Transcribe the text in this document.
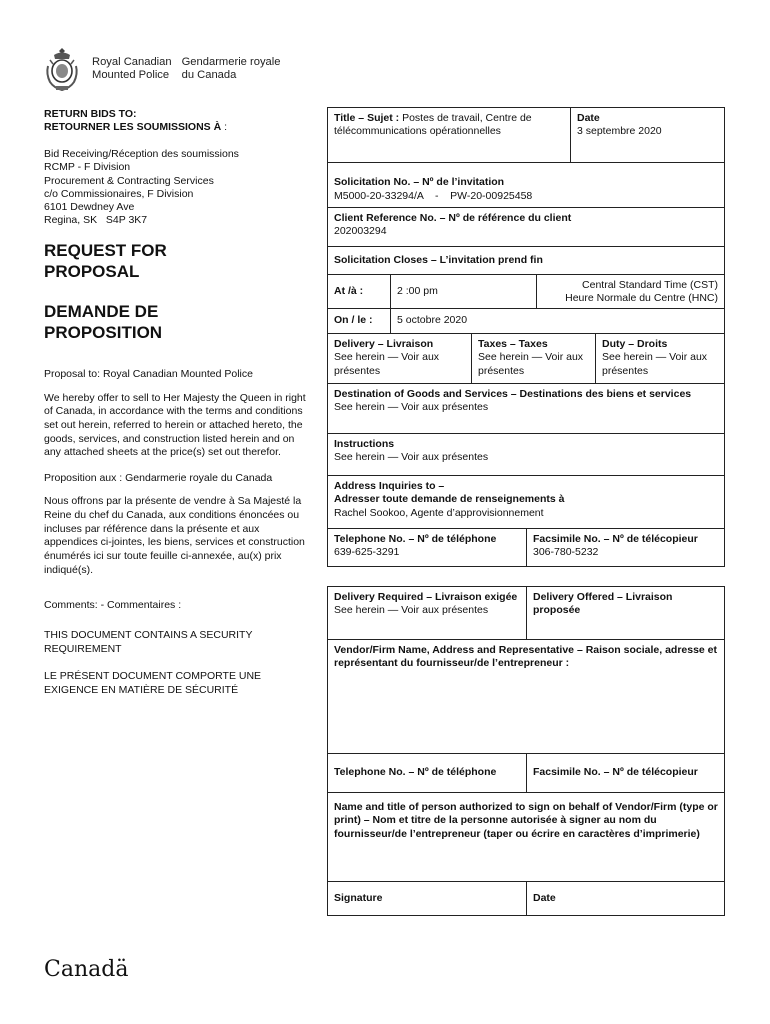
Royal Canadian
Mounted Police
Gendarmerie royale
du Canada
RETURN BIDS TO:
RETOURNER LES SOUMISSIONS À :
Bid Receiving/Réception des soumissions
RCMP - F Division
Procurement & Contracting Services
c/o Commissionaires, F Division
6101 Dewdney Ave
Regina, SK   S4P 3K7
REQUEST FOR
PROPOSAL
DEMANDE DE
PROPOSITION

Proposal to: Royal Canadian Mounted Police

We hereby offer to sell to Her Majesty the Queen in right of Canada, in accordance with the terms and conditions set out herein, referred to herein or attached hereto, the goods, services, and construction listed herein and on any attached sheets at the price(s) set out therefor.

Proposition aux : Gendarmerie royale du Canada

Nous offrons par la présente de vendre à Sa Majesté la Reine du chef du Canada, aux conditions énoncées ou incluses par référence dans la présente et aux appendices ci-jointes, les biens, services et construction énumérés ici sur toute feuille ci-annexée, au(x) prix indiqué(s).

Comments: - Commentaires :

THIS DOCUMENT CONTAINS A SECURITY REQUIREMENT

LE PRÉSENT DOCUMENT COMPORTE UNE EXIGENCE EN MATIÈRE DE SÉCURITÉ

Title – Sujet : Postes de travail, Centre de télécommunications opérationnelles
Date
3 septembre 2020
Solicitation No. – Nº de l’invitation
M5000-20-33294/A    -    PW-20-00925458
Client Reference No. – Nº de référence du client
202003294
Solicitation Closes – L’invitation prend fin
At /à :	2 :00 pm	Central Standard Time (CST)
Heure Normale du Centre (HNC)
On / le :	5 octobre 2020
Delivery – Livraison
See herein — Voir aux présentes
Taxes – Taxes
See herein — Voir aux présentes
Duty – Droits
See herein — Voir aux présentes
Destination of Goods and Services – Destinations des biens et services
See herein — Voir aux présentes
Instructions
See herein — Voir aux présentes
Address Inquiries to –
Adresser toute demande de renseignements à
Rachel Sookoo, Agente d’approvisionnement
Telephone No. – Nº de téléphone
639-625-3291
Facsimile No. – Nº de télécopieur
306-780-5232
Delivery Required – Livraison exigée
See herein — Voir aux présentes
Delivery Offered – Livraison proposée
Vendor/Firm Name, Address and Representative – Raison sociale, adresse et représentant du fournisseur/de l’entrepreneur :
Telephone No. – Nº de téléphone	Facsimile No. – Nº de télécopieur
Name and title of person authorized to sign on behalf of Vendor/Firm (type or print) – Nom et titre de la personne autorisée à signer au nom du fournisseur/de l’entrepreneur (taper ou écrire en caractères d’imprimerie)
Signature	Date
Canadä
